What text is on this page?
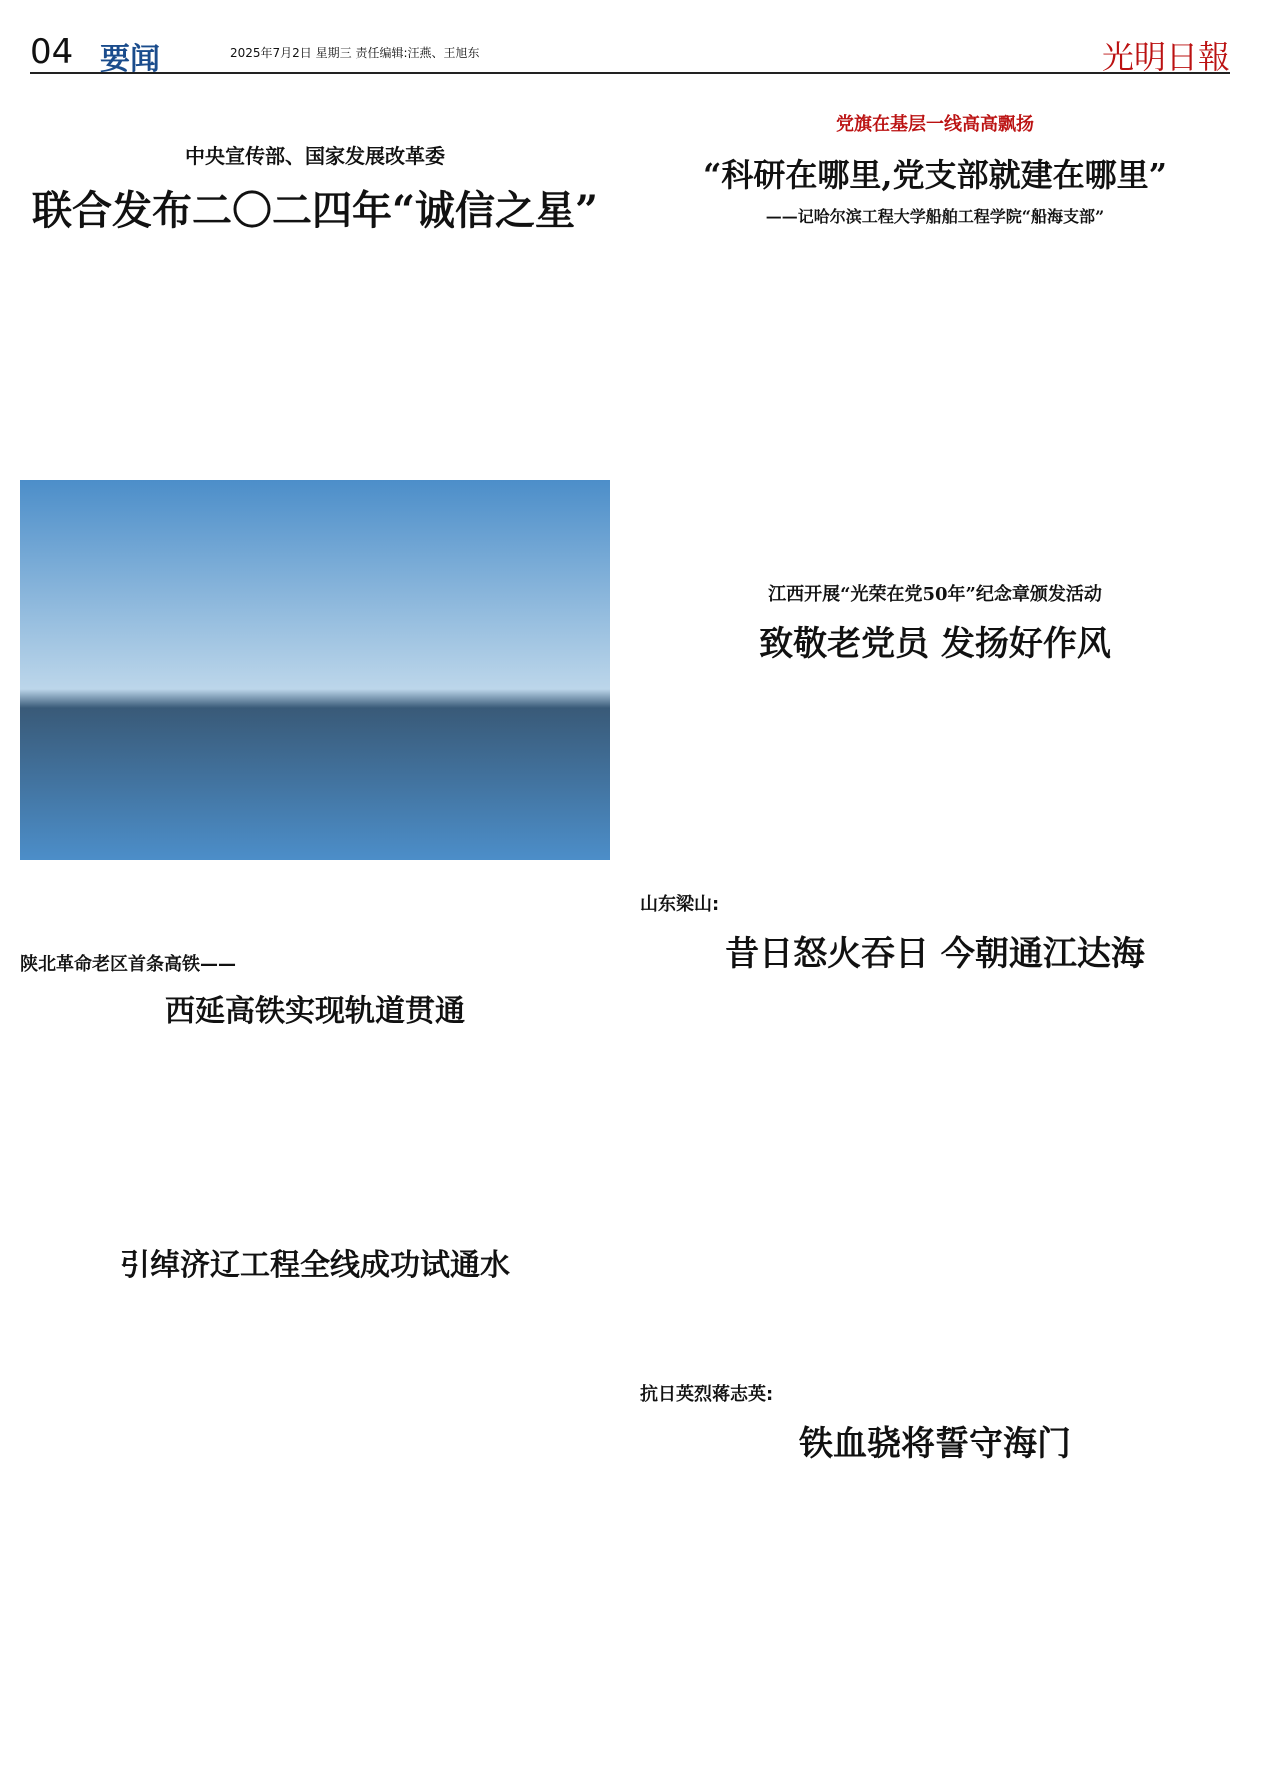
04 要闻	2025年7月2日 星期三 责任编辑:汪燕、王旭东	光明日報
中央宣传部、国家发展改革委
联合发布二〇二四年“诚信之星”
党旗在基层一线高高飘扬
“科研在哪里,党支部就建在哪里”
——记哈尔滨工程大学船舶工程学院“船海支部”
江西开展“光荣在党50年”纪念章颁发活动
致敬老党员 发扬好作风
陕北革命老区首条高铁——
西延高铁实现轨道贯通
山东梁山:
昔日怒火吞日 今朝通江达海
引绰济辽工程全线成功试通水
抗日英烈蒋志英:
铁血骁将誓守海门
